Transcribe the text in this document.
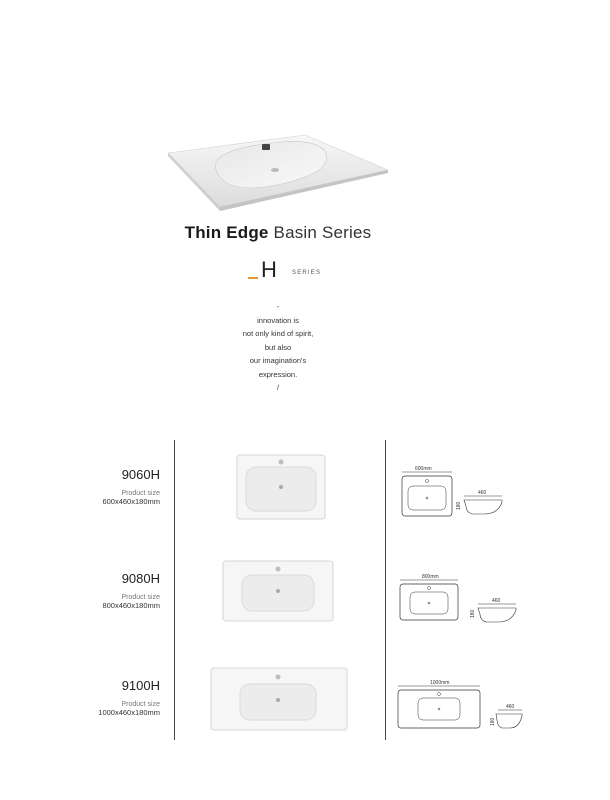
Thin Edge Basin Series
H	SERIES
-
innovation is
not only kind of spirit,
but also
our imagination's
expression.
/
9060H
Product size
600x460x180mm
600mm
460
180
9080H
Product size
800x460x180mm
800mm
460
180
9100H
Product size
1000x460x180mm
1000mm
460
180
